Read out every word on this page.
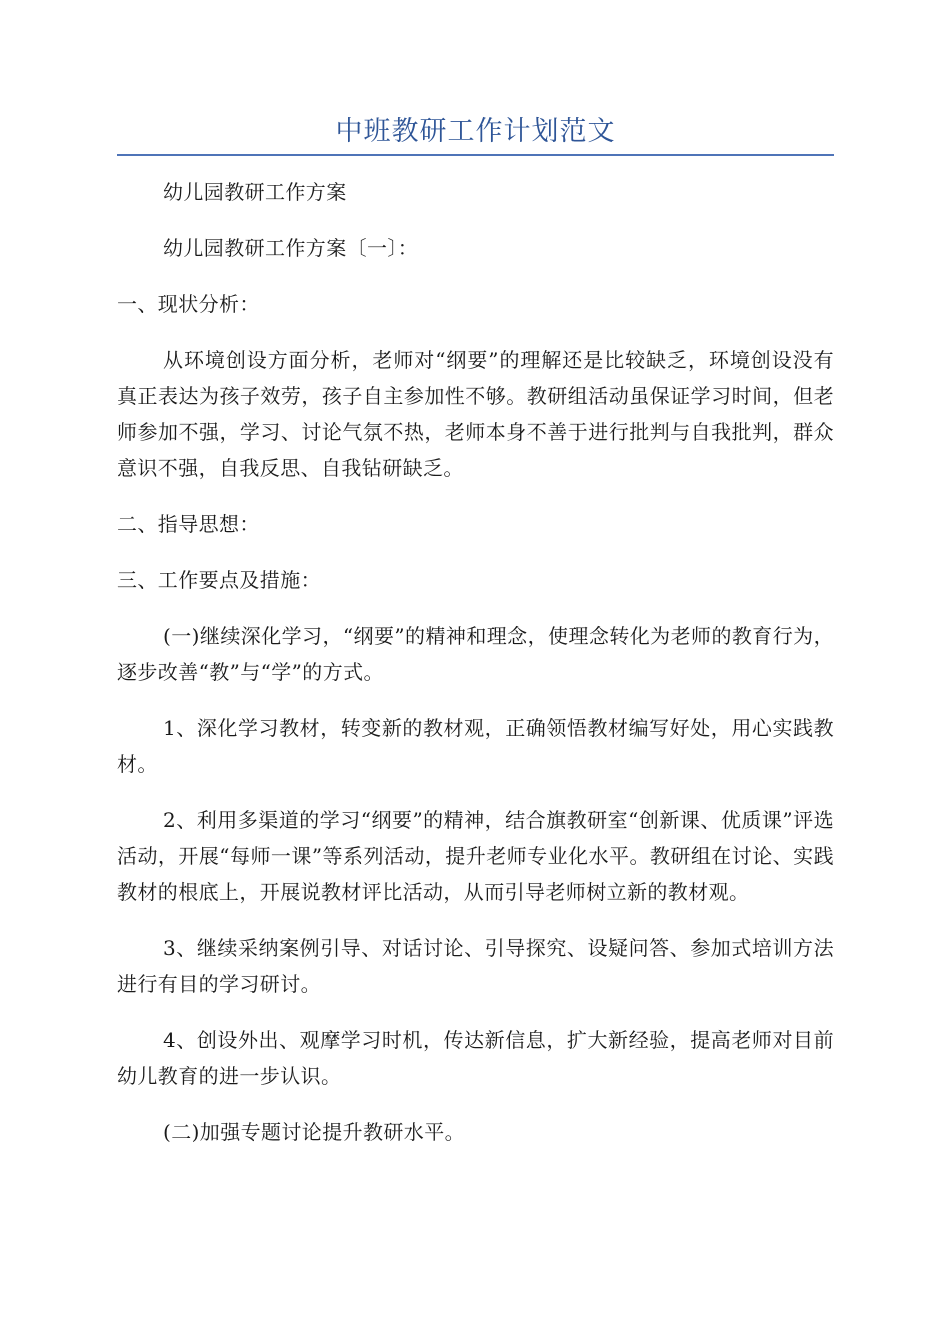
中班教研工作计划范文

幼儿园教研工作方案

幼儿园教研工作方案〔一〕：

一、现状分析：

从环境创设方面分析，老师对“纲要”的理解还是比较缺乏，环境创设没有真正表达为孩子效劳，孩子自主参加性不够。教研组活动虽保证学习时间，但老师参加不强，学习、讨论气氛不热，老师本身不善于进行批判与自我批判，群众意识不强，自我反思、自我钻研缺乏。

二、指导思想：

三、工作要点及措施：

(一)继续深化学习，“纲要”的精神和理念，使理念转化为老师的教育行为，逐步改善“教”与“学”的方式。

1、深化学习教材，转变新的教材观，正确领悟教材编写好处，用心实践教材。

2、利用多渠道的学习“纲要”的精神，结合旗教研室“创新课、优质课”评选活动，开展“每师一课”等系列活动，提升老师专业化水平。教研组在讨论、实践教材的根底上，开展说教材评比活动，从而引导老师树立新的教材观。

3、继续采纳案例引导、对话讨论、引导探究、设疑问答、参加式培训方法进行有目的学习研讨。

4、创设外出、观摩学习时机，传达新信息，扩大新经验，提高老师对目前幼儿教育的进一步认识。

(二)加强专题讨论提升教研水平。
